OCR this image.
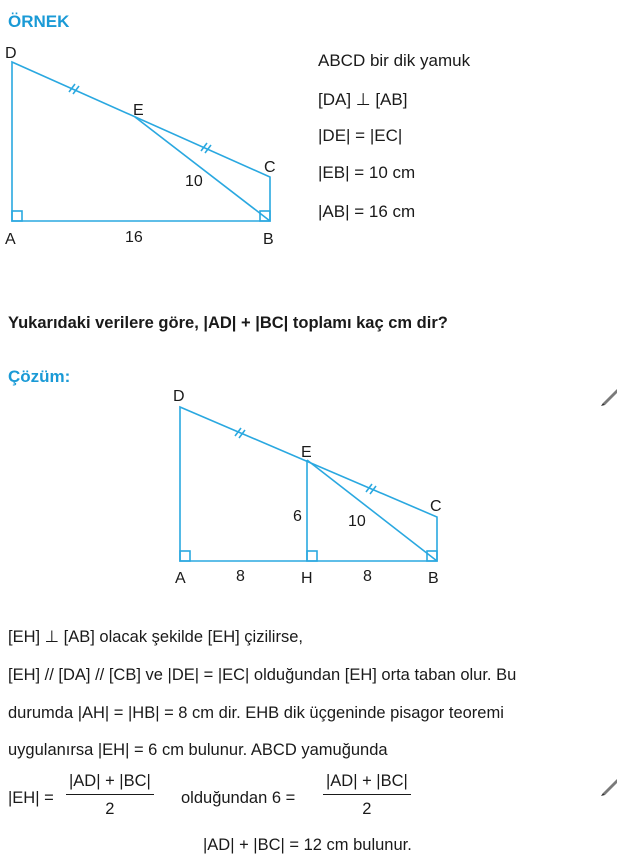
ÖRNEK
D
E
C
A	B
10
16
ABCD bir dik yamuk
[DA] ⊥ [AB]
|DE| = |EC|
|EB| = 10 cm
|AB| = 16 cm
Yukarıdaki verilere göre, |AD| + |BC| toplamı kaç cm dir?
Çözüm:
D
E
C
A	H	B
6	10
8	8
[EH] ⊥ [AB] olacak şekilde [EH] çizilirse,
[EH] // [DA] // [CB] ve |DE| = |EC| olduğundan [EH] orta taban olur. Bu
durumda |AH| = |HB| = 8 cm dir. EHB dik üçgeninde pisagor teoremi
uygulanırsa |EH| = 6 cm bulunur. ABCD yamuğunda
$|EH| = \frac{|AD| + |BC|}{2}$ olduğundan $6 = \frac{|AD| + |BC|}{2}$
|AD| + |BC| = 12 cm bulunur.
